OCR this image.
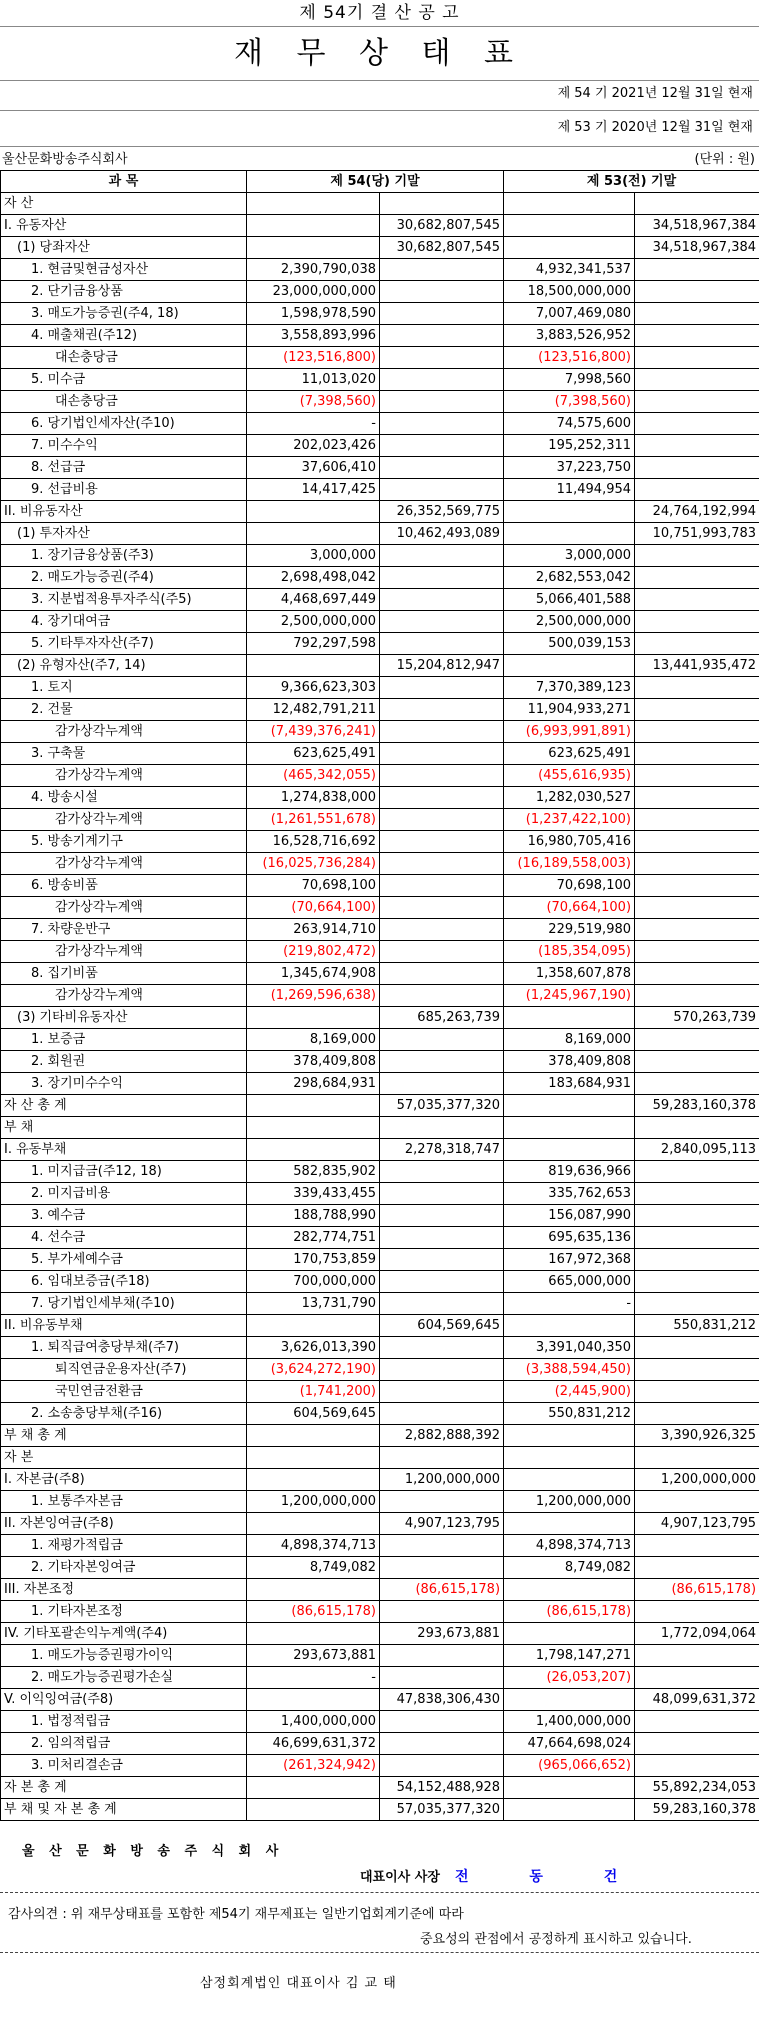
제 54기 결 산 공 고
재 무 상 태 표
제 54 기 2021년 12월 31일 현재
제 53 기 2020년 12월 31일 현재
울산문화방송주식회사	(단위 : 원)
과 목	제 54(당) 기말		제 53(전) 기말	
자 산				
I. 유동자산		30,682,807,545		34,518,967,384
(1) 당좌자산		30,682,807,545		34,518,967,384
1. 현금및현금성자산	2,390,790,038		4,932,341,537	
2. 단기금융상품	23,000,000,000		18,500,000,000	
3. 매도가능증권(주4, 18)	1,598,978,590		7,007,469,080	
4. 매출채권(주12)	3,558,893,996		3,883,526,952	
대손충당금	(123,516,800)		(123,516,800)	
5. 미수금	11,013,020		7,998,560	
대손충당금	(7,398,560)		(7,398,560)	
6. 당기법인세자산(주10)	-		74,575,600	
7. 미수수익	202,023,426		195,252,311	
8. 선급금	37,606,410		37,223,750	
9. 선급비용	14,417,425		11,494,954	
II. 비유동자산		26,352,569,775		24,764,192,994
(1) 투자자산		10,462,493,089		10,751,993,783
1. 장기금융상품(주3)	3,000,000		3,000,000	
2. 매도가능증권(주4)	2,698,498,042		2,682,553,042	
3. 지분법적용투자주식(주5)	4,468,697,449		5,066,401,588	
4. 장기대여금	2,500,000,000		2,500,000,000	
5. 기타투자자산(주7)	792,297,598		500,039,153	
(2) 유형자산(주7, 14)		15,204,812,947		13,441,935,472
1. 토지	9,366,623,303		7,370,389,123	
2. 건물	12,482,791,211		11,904,933,271	
감가상각누계액	(7,439,376,241)		(6,993,991,891)	
3. 구축물	623,625,491		623,625,491	
감가상각누계액	(465,342,055)		(455,616,935)	
4. 방송시설	1,274,838,000		1,282,030,527	
감가상각누계액	(1,261,551,678)		(1,237,422,100)	
5. 방송기계기구	16,528,716,692		16,980,705,416	
감가상각누계액	(16,025,736,284)		(16,189,558,003)	
6. 방송비품	70,698,100		70,698,100	
감가상각누계액	(70,664,100)		(70,664,100)	
7. 차량운반구	263,914,710		229,519,980	
감가상각누계액	(219,802,472)		(185,354,095)	
8. 집기비품	1,345,674,908		1,358,607,878	
감가상각누계액	(1,269,596,638)		(1,245,967,190)	
(3) 기타비유동자산		685,263,739		570,263,739
1. 보증금	8,169,000		8,169,000	
2. 회원권	378,409,808		378,409,808	
3. 장기미수수익	298,684,931		183,684,931	
자 산 총 계		57,035,377,320		59,283,160,378
부 채				
I. 유동부채		2,278,318,747		2,840,095,113
1. 미지급금(주12, 18)	582,835,902		819,636,966	
2. 미지급비용	339,433,455		335,762,653	
3. 예수금	188,788,990		156,087,990	
4. 선수금	282,774,751		695,635,136	
5. 부가세예수금	170,753,859		167,972,368	
6. 임대보증금(주18)	700,000,000		665,000,000	
7. 당기법인세부채(주10)	13,731,790		-	
II. 비유동부채		604,569,645		550,831,212
1. 퇴직급여충당부채(주7)	3,626,013,390		3,391,040,350	
퇴직연금운용자산(주7)	(3,624,272,190)		(3,388,594,450)	
국민연금전환금	(1,741,200)		(2,445,900)	
2. 소송충당부채(주16)	604,569,645		550,831,212	
부 채 총 계		2,882,888,392		3,390,926,325
자 본				
I. 자본금(주8)		1,200,000,000		1,200,000,000
1. 보통주자본금	1,200,000,000		1,200,000,000	
II. 자본잉여금(주8)		4,907,123,795		4,907,123,795
1. 재평가적립금	4,898,374,713		4,898,374,713	
2. 기타자본잉여금	8,749,082		8,749,082	
III. 자본조정		(86,615,178)		(86,615,178)
1. 기타자본조정	(86,615,178)		(86,615,178)	
IV. 기타포괄손익누계액(주4)		293,673,881		1,772,094,064
1. 매도가능증권평가이익	293,673,881		1,798,147,271	
2. 매도가능증권평가손실	-		(26,053,207)	
V. 이익잉여금(주8)		47,838,306,430		48,099,631,372
1. 법정적립금	1,400,000,000		1,400,000,000	
2. 임의적립금	46,699,631,372		47,664,698,024	
3. 미처리결손금	(261,324,942)		(965,066,652)	
자 본 총 계		54,152,488,928		55,892,234,053
부 채 및 자 본 총 계		57,035,377,320		59,283,160,378
울 산 문 화 방 송 주 식 회 사
대표이사 사장 전 동 건
감사의견 : 위 재무상태표를 포함한 제54기 재무제표는 일반기업회계기준에 따라
중요성의 관점에서 공정하게 표시하고 있습니다.
삼정회계법인 대표이사 김 교 태
